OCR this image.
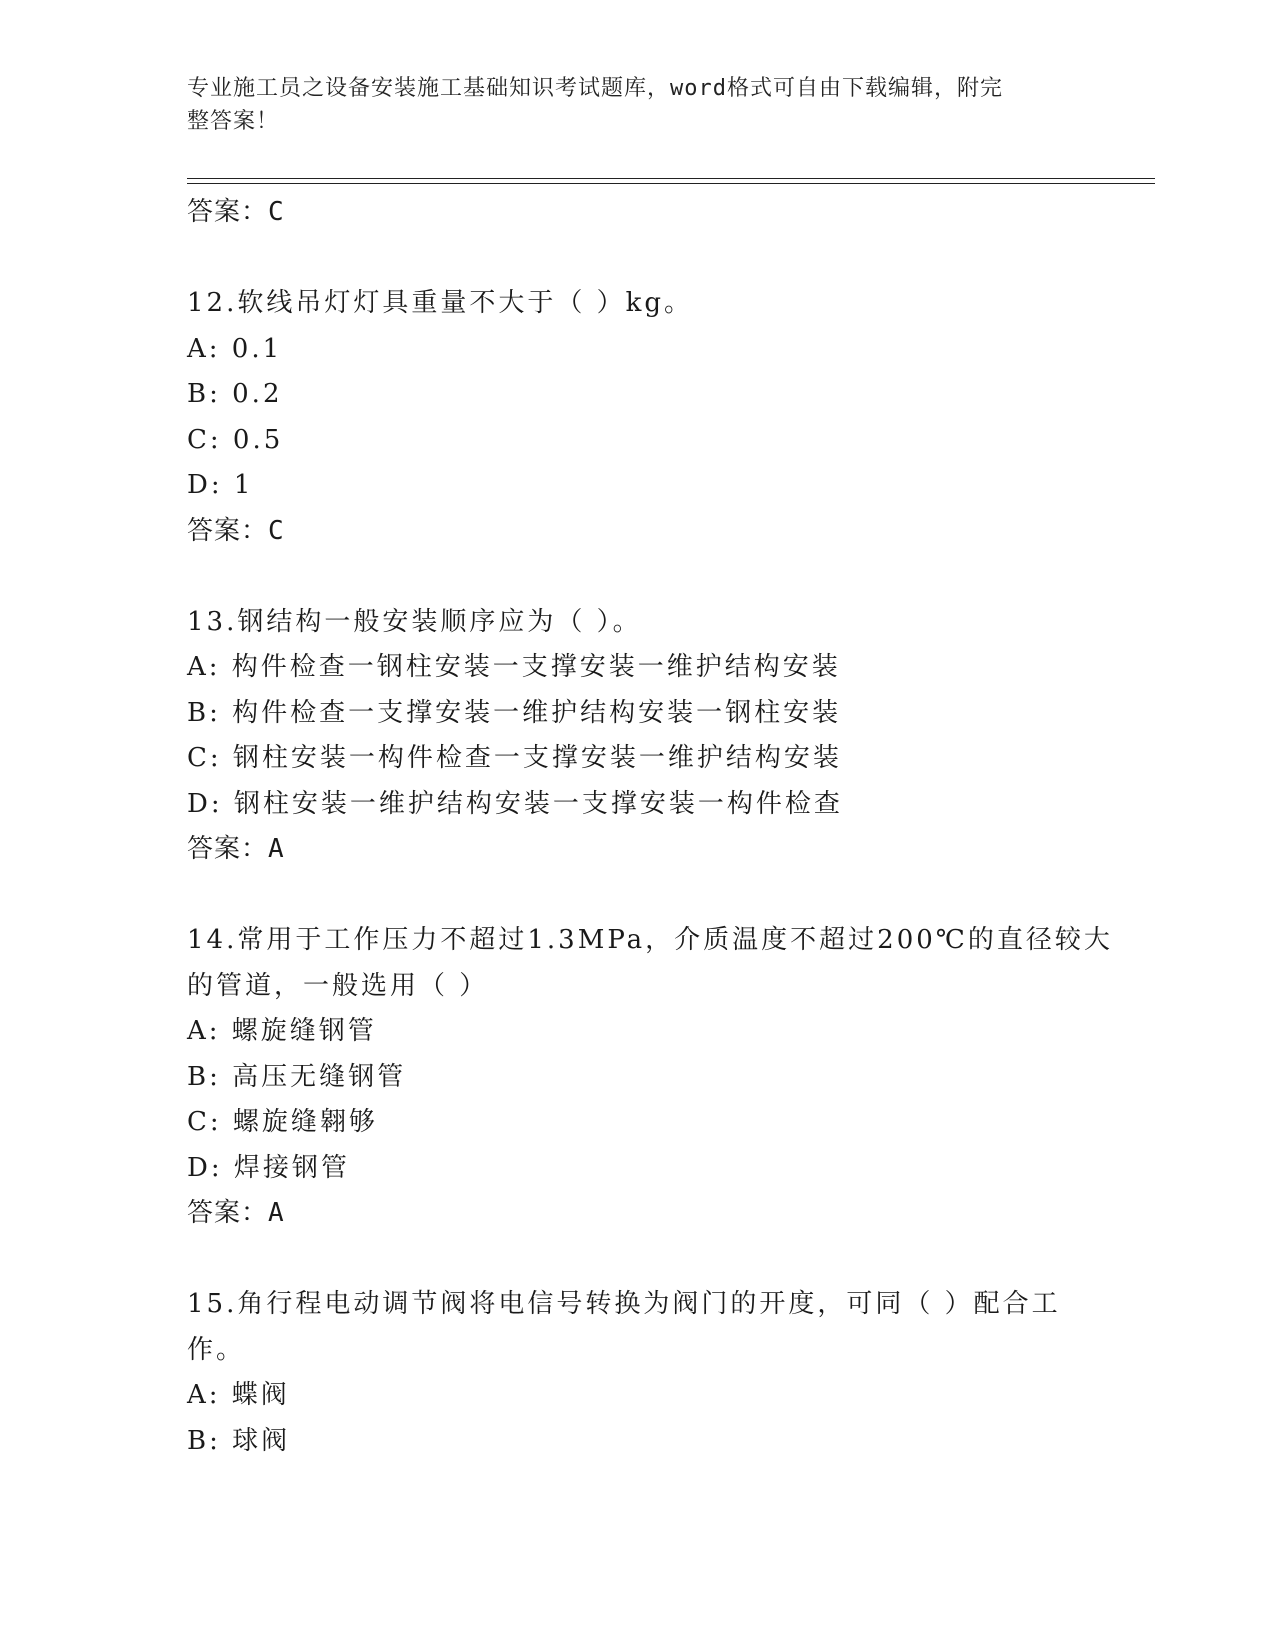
专业施工员之设备安装施工基础知识考试题库，word格式可自由下载编辑，附完
整答案！
答案：C
12.软线吊灯灯具重量不大于（ ）kg。
A: 0.1
B: 0.2
C: 0.5
D: 1
答案：C
13.钢结构一般安装顺序应为（ ）。
A: 构件检查一钢柱安装一支撑安装一维护结构安装
B: 构件检查一支撑安装一维护结构安装一钢柱安装
C: 钢柱安装一构件检查一支撑安装一维护结构安装
D: 钢柱安装一维护结构安装一支撑安装一构件检查
答案：A
14.常用于工作压力不超过1.3MPa，介质温度不超过200℃的直径较大
的管道，一般选用（ ）
A: 螺旋缝钢管
B: 高压无缝钢管
C: 螺旋缝翱够
D: 焊接钢管
答案：A
15.角行程电动调节阀将电信号转换为阀门的开度，可同（ ）配合工
作。
A: 蝶阀
B: 球阀
